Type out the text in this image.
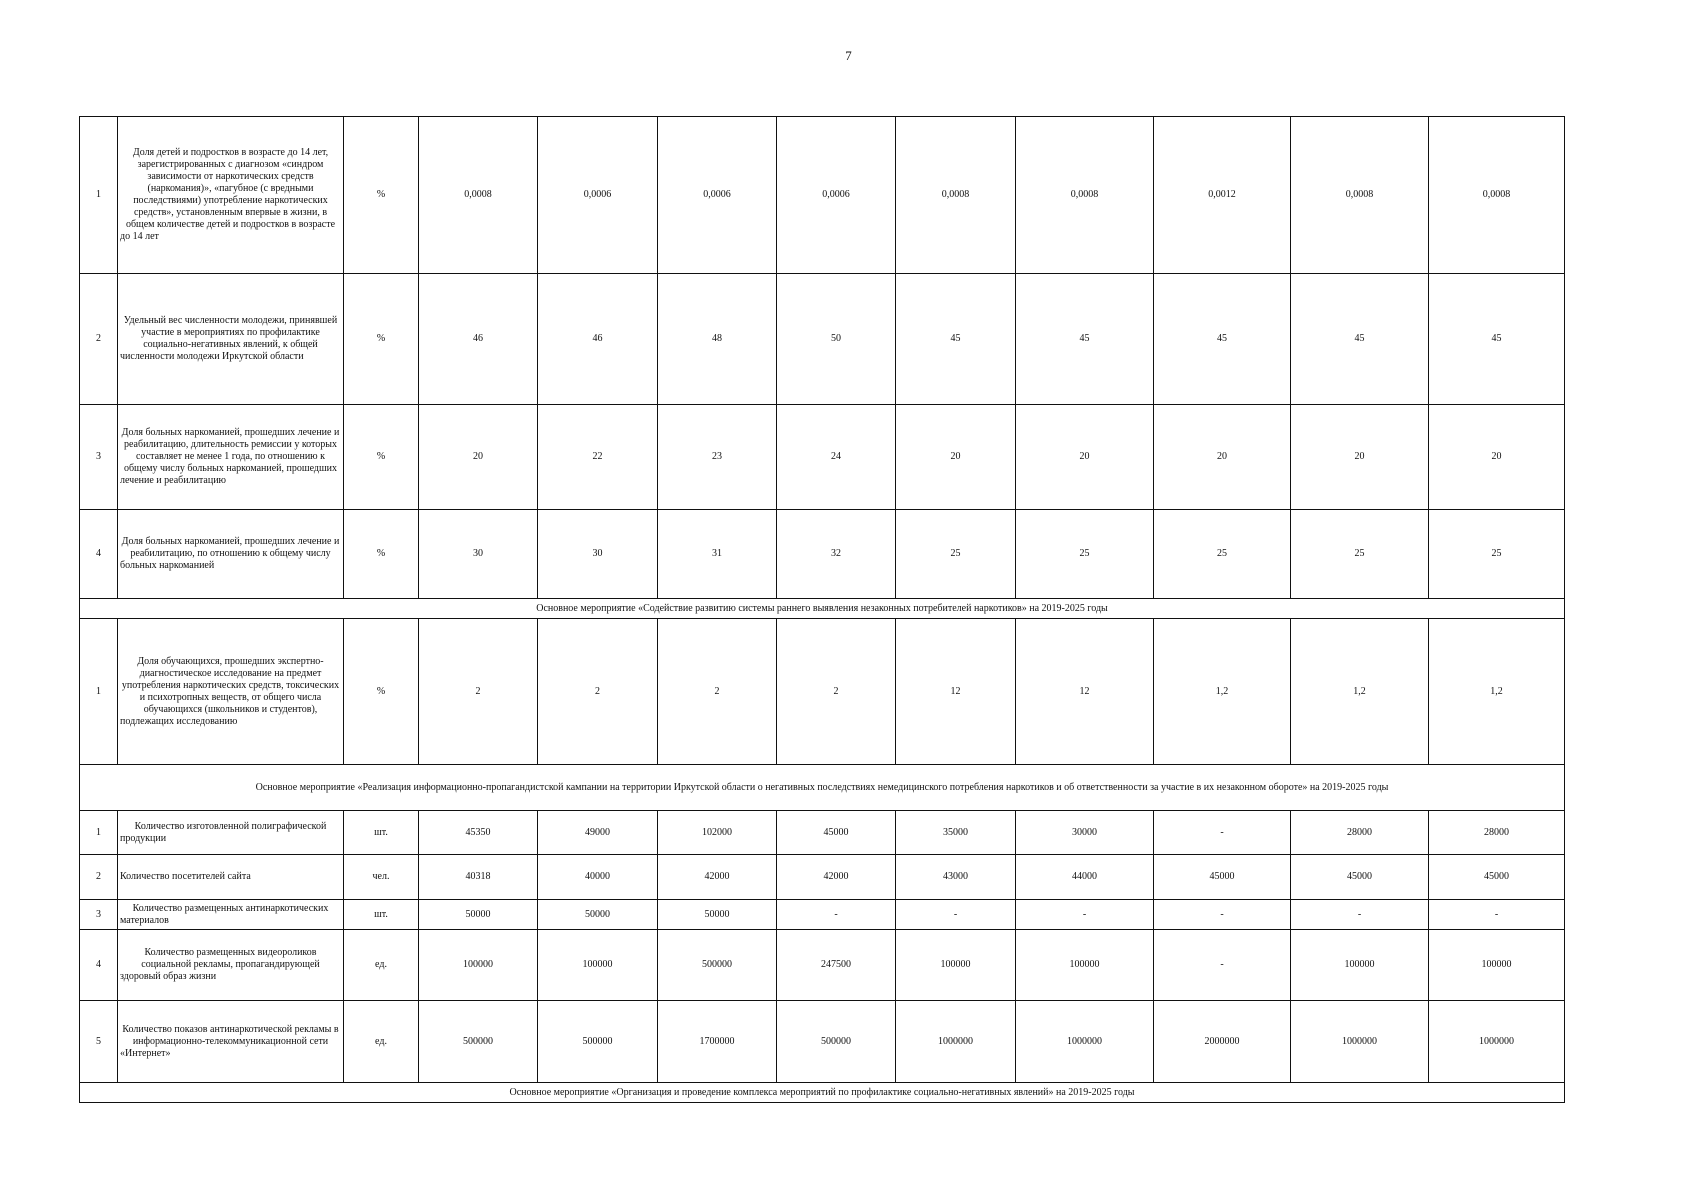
7
1	Доля детей и подростков в возрасте до 14 лет, зарегистрированных с диагнозом «синдром зависимости от наркотических средств (наркомания)», «пагубное (с вредными последствиями) употребление наркотических средств», установленным впервые в жизни, в общем количестве детей и подростков в возрасте до 14 лет	%	0,0008	0,0006	0,0006	0,0006	0,0008	0,0008	0,0012	0,0008	0,0008
2	Удельный вес численности молодежи, принявшей участие в мероприятиях по профилактике социально-негативных явлений, к общей численности молодежи Иркутской области	%	46	46	48	50	45	45	45	45	45
3	Доля больных наркоманией, прошедших лечение и реабилитацию, длительность ремиссии у которых составляет не менее 1 года, по отношению к общему числу больных наркоманией, прошедших лечение и реабилитацию	%	20	22	23	24	20	20	20	20	20
4	Доля больных наркоманией, прошедших лечение и реабилитацию, по отношению к общему числу больных наркоманией	%	30	30	31	32	25	25	25	25	25
Основное мероприятие «Содействие развитию системы раннего выявления незаконных потребителей наркотиков» на 2019-2025 годы											
1	Доля обучающихся, прошедших экспертно-диагностическое исследование на предмет употребления наркотических средств, токсических и психотропных веществ, от общего числа обучающихся (школьников и студентов), подлежащих исследованию	%	2	2	2	2	12	12	1,2	1,2	1,2
Основное мероприятие «Реализация информационно-пропагандистской кампании на территории Иркутской области о негативных последствиях немедицинского потребления наркотиков и об ответственности за участие в их незаконном обороте» на 2019-2025 годы											
1	Количество изготовленной полиграфической продукции	шт.	45350	49000	102000	45000	35000	30000	-	28000	28000
2	Количество посетителей сайта	чел.	40318	40000	42000	42000	43000	44000	45000	45000	45000
3	Количество размещенных антинаркотических материалов	шт.	50000	50000	50000	-	-	-	-	-	-
4	Количество размещенных видеороликов социальной рекламы, пропагандирующей здоровый образ жизни	ед.	100000	100000	500000	247500	100000	100000	-	100000	100000
5	Количество показов антинаркотической рекламы в информационно-телекоммуникационной сети «Интернет»	ед.	500000	500000	1700000	500000	1000000	1000000	2000000	1000000	1000000
Основное мероприятие «Организация и проведение комплекса мероприятий по профилактике социально-негативных явлений» на 2019-2025 годы											
